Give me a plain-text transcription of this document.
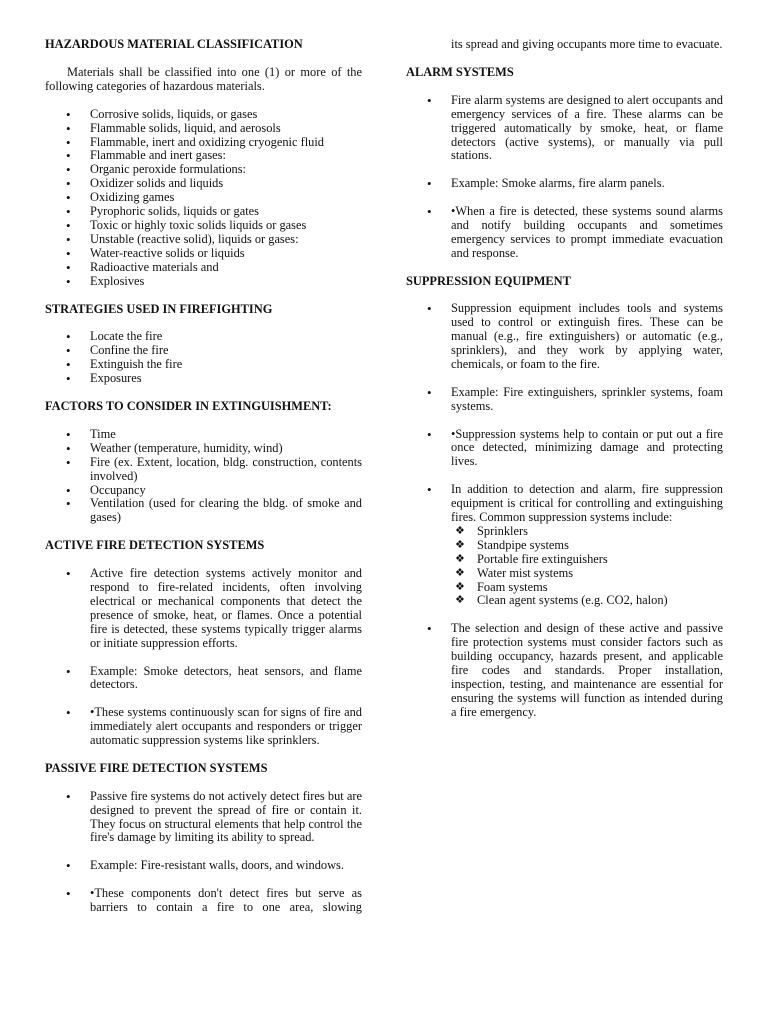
HAZARDOUS MATERIAL CLASSIFICATION

Materials shall be classified into one (1) or more of the following categories of hazardous materials.

• Corrosive solids, liquids, or gases
• Flammable solids, liquid, and aerosols
• Flammable, inert and oxidizing cryogenic fluid
• Flammable and inert gases:
• Organic peroxide formulations:
• Oxidizer solids and liquids
• Oxidizing games
• Pyrophoric solids, liquids or gates
• Toxic or highly toxic solids liquids or gases
• Unstable (reactive solid), liquids or gases:
• Water-reactive solids or liquids
• Radioactive materials and
• Explosives

STRATEGIES USED IN FIREFIGHTING

• Locate the fire
• Confine the fire
• Extinguish the fire
• Exposures

FACTORS TO CONSIDER IN EXTINGUISHMENT:

• Time
• Weather (temperature, humidity, wind)
• Fire (ex. Extent, location, bldg. construction, contents involved)
• Occupancy
• Ventilation (used for clearing the bldg. of smoke and gases)

ACTIVE FIRE DETECTION SYSTEMS

• Active fire detection systems actively monitor and respond to fire-related incidents, often involving electrical or mechanical components that detect the presence of smoke, heat, or flames. Once a potential fire is detected, these systems typically trigger alarms or initiate suppression efforts.
• Example: Smoke detectors, heat sensors, and flame detectors.
• •These systems continuously scan for signs of fire and immediately alert occupants and responders or trigger automatic suppression systems like sprinklers.

PASSIVE FIRE DETECTION SYSTEMS

• Passive fire systems do not actively detect fires but are designed to prevent the spread of fire or contain it. They focus on structural elements that help control the fire's damage by limiting its ability to spread.
• Example: Fire-resistant walls, doors, and windows.
• •These components don't detect fires but serve as barriers to contain a fire to one area, slowing

its spread and giving occupants more time to evacuate.

ALARM SYSTEMS

• Fire alarm systems are designed to alert occupants and emergency services of a fire. These alarms can be triggered automatically by smoke, heat, or flame detectors (active systems), or manually via pull stations.
• Example: Smoke alarms, fire alarm panels.
• •When a fire is detected, these systems sound alarms and notify building occupants and sometimes emergency services to prompt immediate evacuation and response.

SUPPRESSION EQUIPMENT

• Suppression equipment includes tools and systems used to control or extinguish fires. These can be manual (e.g., fire extinguishers) or automatic (e.g., sprinklers), and they work by applying water, chemicals, or foam to the fire.
• Example: Fire extinguishers, sprinkler systems, foam systems.
• •Suppression systems help to contain or put out a fire once detected, minimizing damage and protecting lives.
• In addition to detection and alarm, fire suppression equipment is critical for controlling and extinguishing fires. Common suppression systems include:
❖ Sprinklers
❖ Standpipe systems
❖ Portable fire extinguishers
❖ Water mist systems
❖ Foam systems
❖ Clean agent systems (e.g. CO2, halon)
• The selection and design of these active and passive fire protection systems must consider factors such as building occupancy, hazards present, and applicable fire codes and standards. Proper installation, inspection, testing, and maintenance are essential for ensuring the systems will function as intended during a fire emergency.
